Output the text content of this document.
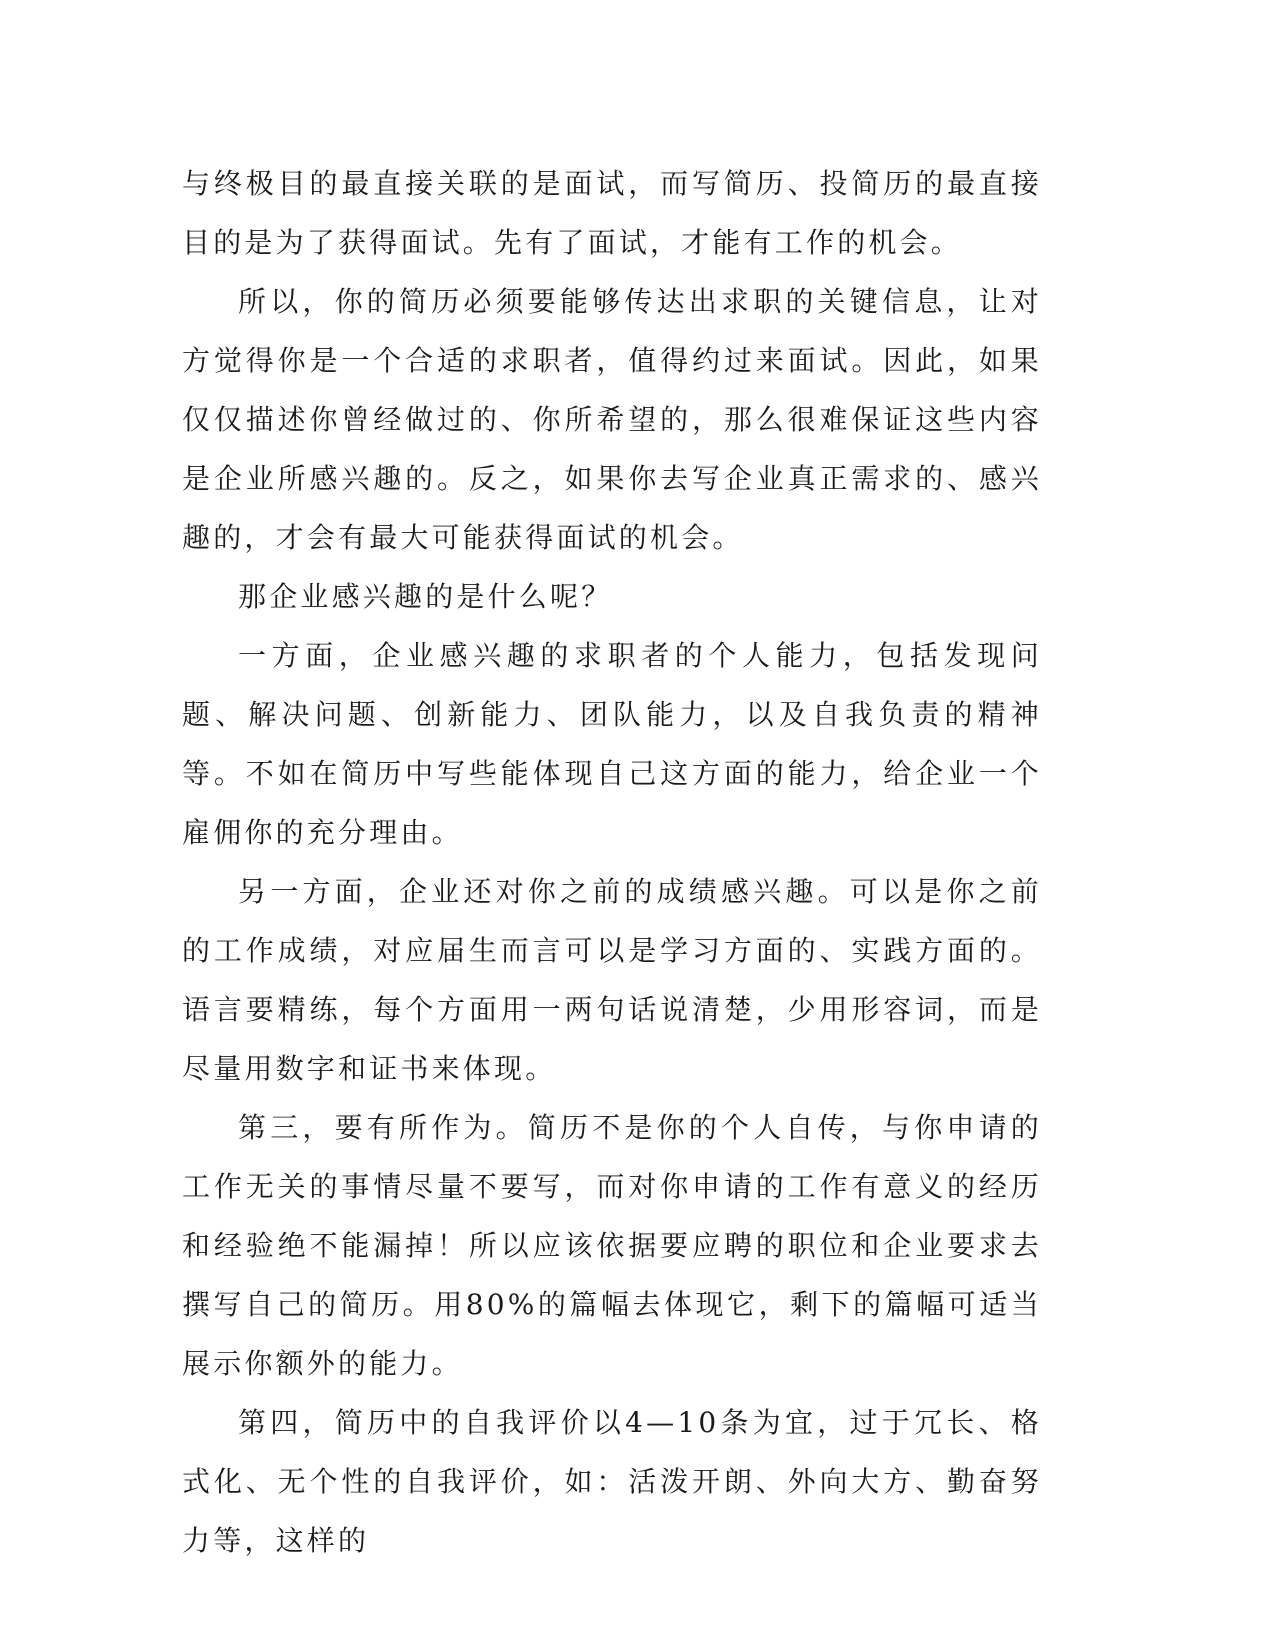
与终极目的最直接关联的是面试，而写简历、投简历的最直接目的是为了获得面试。先有了面试，才能有工作的机会。

所以，你的简历必须要能够传达出求职的关键信息，让对方觉得你是一个合适的求职者，值得约过来面试。因此，如果仅仅描述你曾经做过的、你所希望的，那么很难保证这些内容是企业所感兴趣的。反之，如果你去写企业真正需求的、感兴趣的，才会有最大可能获得面试的机会。

那企业感兴趣的是什么呢？

一方面，企业感兴趣的求职者的个人能力，包括发现问题、解决问题、创新能力、团队能力，以及自我负责的精神等。不如在简历中写些能体现自己这方面的能力，给企业一个雇佣你的充分理由。

另一方面，企业还对你之前的成绩感兴趣。可以是你之前的工作成绩，对应届生而言可以是学习方面的、实践方面的。语言要精练，每个方面用一两句话说清楚，少用形容词，而是尽量用数字和证书来体现。

第三，要有所作为。简历不是你的个人自传，与你申请的工作无关的事情尽量不要写，而对你申请的工作有意义的经历和经验绝不能漏掉！所以应该依据要应聘的职位和企业要求去撰写自己的简历。用80%的篇幅去体现它，剩下的篇幅可适当展示你额外的能力。

第四，简历中的自我评价以4—10条为宜，过于冗长、格式化、无个性的自我评价，如：活泼开朗、外向大方、勤奋努力等，这样的
